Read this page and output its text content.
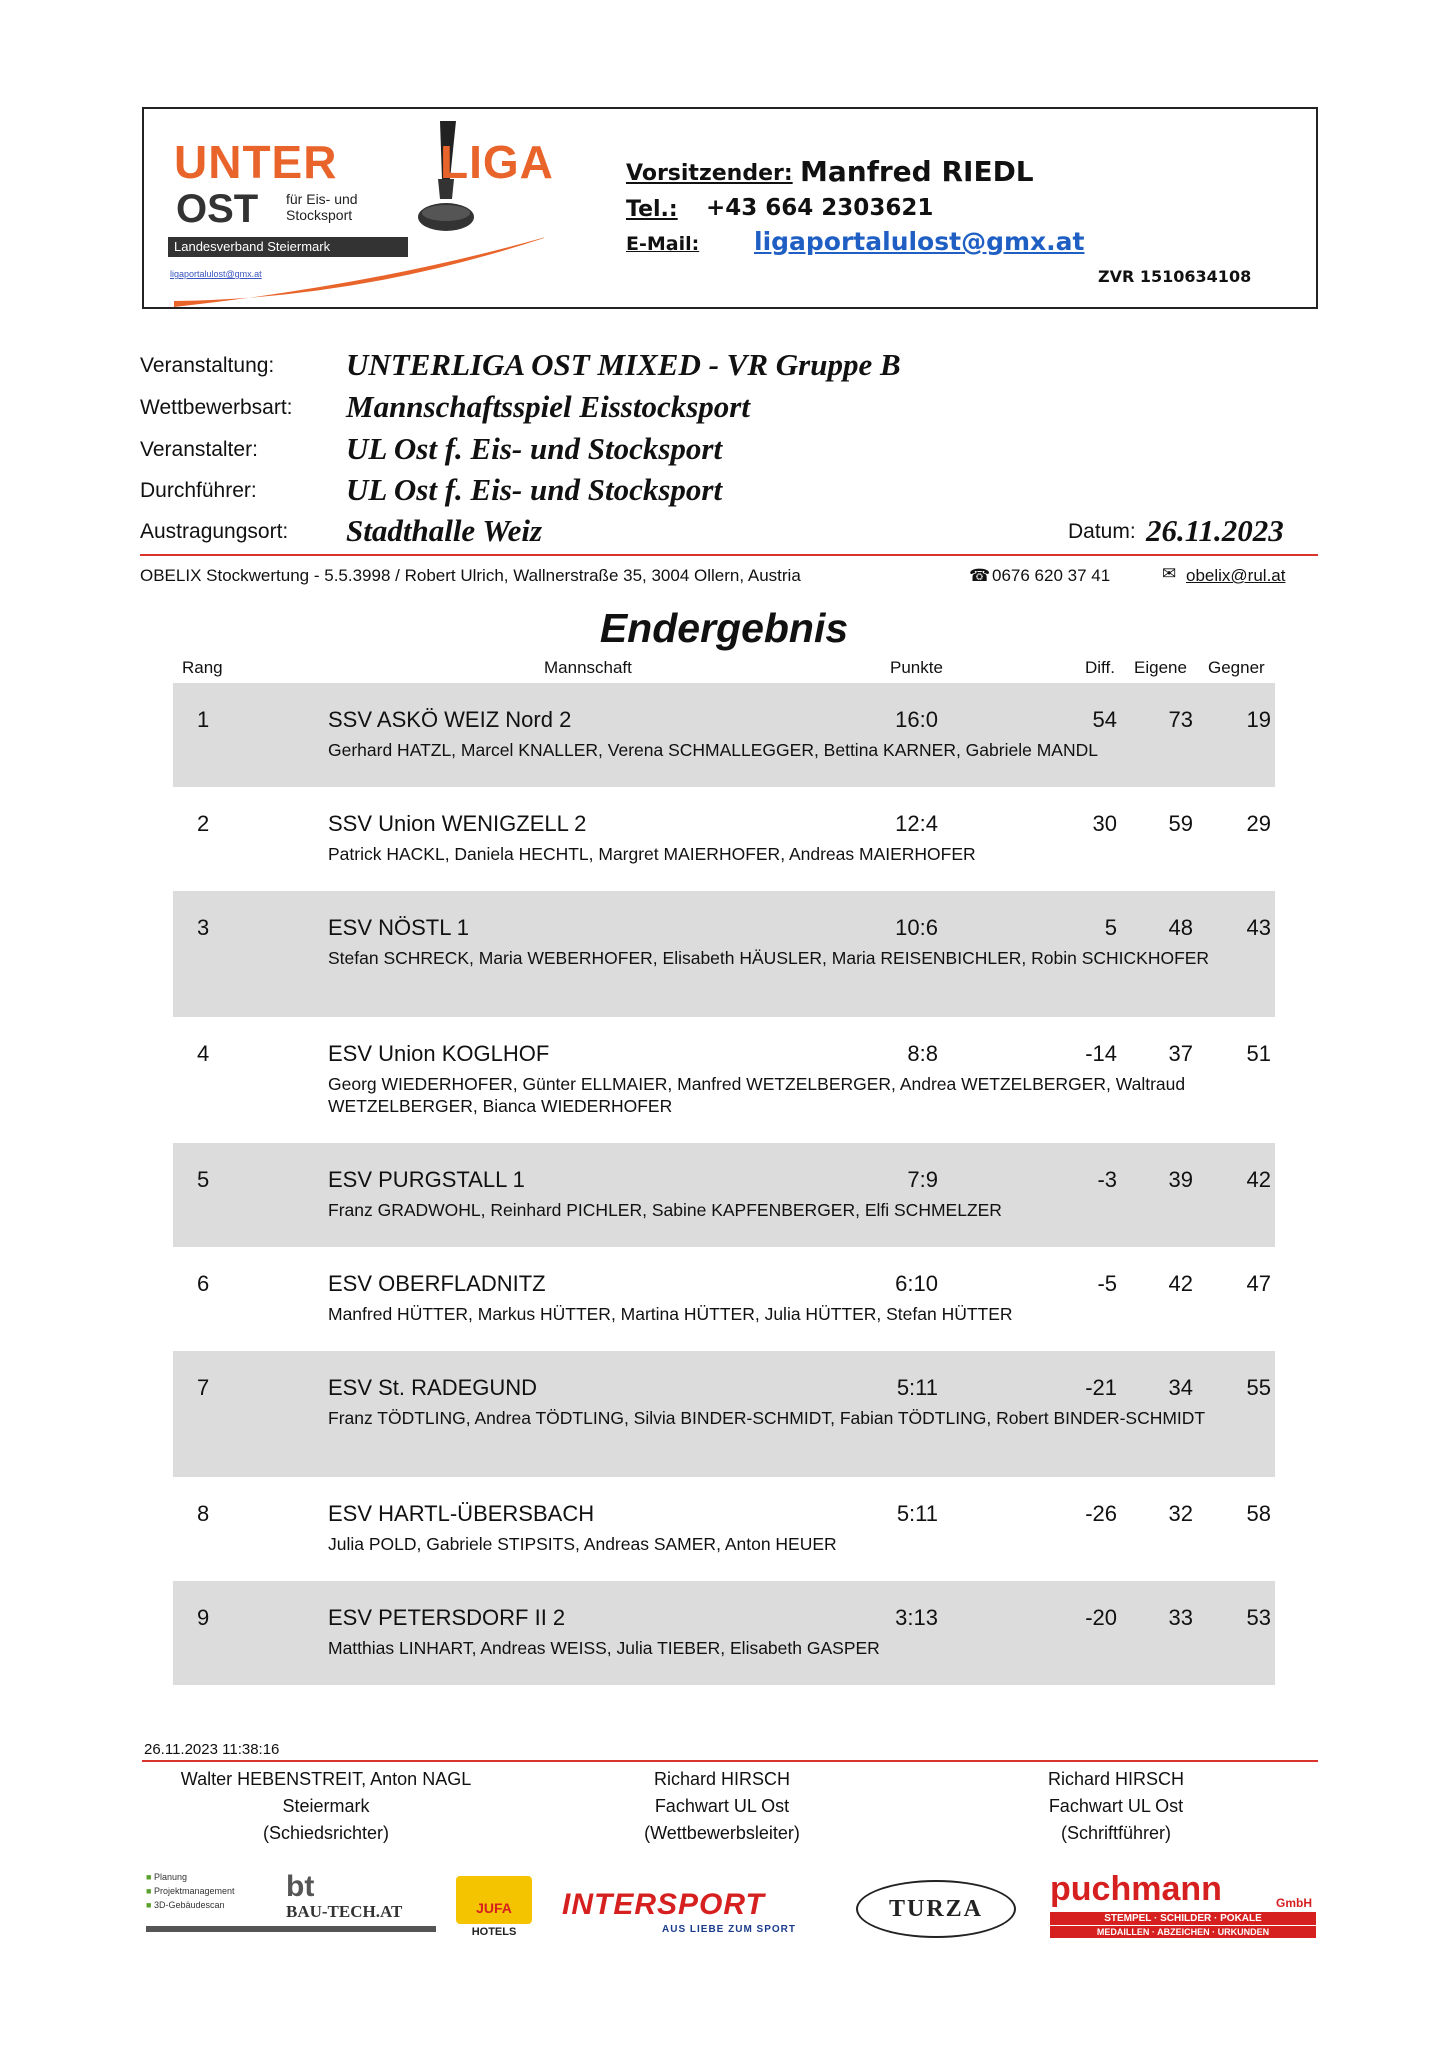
UNTER LIGA
OST für Eis- und Stocksport
Landesverband Steiermark
ligaportalulost@gmx.at
Vorsitzender: Manfred RIEDL
Tel.: +43 664 2303621
E-Mail: ligaportalulost@gmx.at
ZVR 1510634108
Veranstaltung: UNTERLIGA OST MIXED - VR Gruppe B
Wettbewerbsart: Mannschaftsspiel Eisstocksport
Veranstalter:	UL Ost f. Eis- und Stocksport
Durchführer:	UL Ost f. Eis- und Stocksport
Austragungsort: Stadthalle Weiz	Datum: 26.11.2023
OBELIX Stockwertung - 5.5.3998 / Robert Ulrich, Wallnerstraße 35, 3004 Ollern, Austria	☎ 0676 620 37 41	✉ obelix@rul.at
Endergebnis
Rang	Mannschaft	Punkte	Diff. Eigene Gegner
1	SSV ASKÖ WEIZ Nord 2	16:0	54	73	19
Gerhard HATZL, Marcel KNALLER, Verena SCHMALLEGGER, Bettina KARNER, Gabriele MANDL
2	SSV Union WENIGZELL 2	12:4	30	59	29
Patrick HACKL, Daniela HECHTL, Margret MAIERHOFER, Andreas MAIERHOFER
3	ESV NÖSTL 1	10:6	5	48	43
Stefan SCHRECK, Maria WEBERHOFER, Elisabeth HÄUSLER, Maria REISENBICHLER, Robin SCHICKHOFER
4	ESV Union KOGLHOF	8:8	-14	37	51
Georg WIEDERHOFER, Günter ELLMAIER, Manfred WETZELBERGER, Andrea WETZELBERGER, Waltraud WETZELBERGER, Bianca WIEDERHOFER
5	ESV PURGSTALL 1	7:9	-3	39	42
Franz GRADWOHL, Reinhard PICHLER, Sabine KAPFENBERGER, Elfi SCHMELZER
6	ESV OBERFLADNITZ	6:10	-5	42	47
Manfred HÜTTER, Markus HÜTTER, Martina HÜTTER, Julia HÜTTER, Stefan HÜTTER
7	ESV St. RADEGUND	5:11	-21	34	55
Franz TÖDTLING, Andrea TÖDTLING, Silvia BINDER-SCHMIDT, Fabian TÖDTLING, Robert BINDER-SCHMIDT
8	ESV HARTL-ÜBERSBACH	5:11	-26	32	58
Julia POLD, Gabriele STIPSITS, Andreas SAMER, Anton HEUER
9	ESV PETERSDORF II 2	3:13	-20	33	53
Matthias LINHART, Andreas WEISS, Julia TIEBER, Elisabeth GASPER
26.11.2023 11:38:16
Walter HEBENSTREIT, Anton NAGL
Steiermark
(Schiedsrichter)
Richard HIRSCH
Fachwart UL Ost
(Wettbewerbsleiter)
Richard HIRSCH
Fachwart UL Ost
(Schriftführer)
■ Planung
■ Projektmanagement
■ 3D-Gebäudescan
bt
BAU-TECH.AT	JUFA
HOTELS
INTERSPORT
AUS LIEBE ZUM SPORT
TURZA
puchmann	GmbH
STEMPEL · SCHILDER · POKALE
MEDAILLEN · ABZEICHEN · URKUNDEN
